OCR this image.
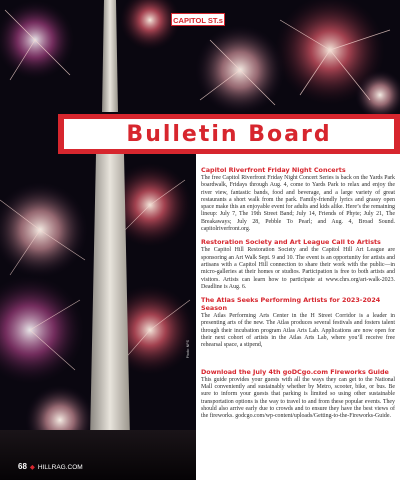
CAPITOL ST.s
Bulletin Board
Capitol Riverfront Friday Night Concerts

The free Capitol Riverfront Friday Night Concert Series is back on the Yards Park boardwalk, Fridays through Aug. 4, come to Yards Park to relax and enjoy the river view, fantastic bands, food and beverage, and a large variety of great restaurants a short walk from the park. Family-friendly lyrics and grassy open space make this an enjoyable event for adults and kids alike. Here’s the remaining lineup: July 7, The 19th Street Band; July 14, Friends of Phyte; July 21, The Breakaways; July 28, Pebble To Pearl; and Aug. 4, Broad Sound. capitolriverfront.org.

Restoration Society and Art League Call to Artists

The Capitol Hill Restoration Society and the Capitol Hill Art League are sponsoring an Art Walk Sept. 9 and 10. The event is an opportunity for artists and artisans with a Capitol Hill connection to share their work with the public—in micro-galleries at their homes or studios. Participation is free to both artists and visitors. Artists can learn how to participate at www.chrs.org/art-walk-2023. Deadline is Aug. 6.

The Atlas Seeks Performing Artists for 2023-2024 Season

The Atlas Performing Arts Center in the H Street Corridor is a leader in presenting arts of the new. The Atlas produces several festivals and fosters talent through their incubation program Atlas Arts Lab. Applications are now open for their next cohort of artists in the Atlas Arts Lab, where you’ll receive free rehearsal space, a stipend,

Download the July 4th goDCgo.com Fireworks Guide

This guide provides your guests with all the ways they can get to the National Mall conveniently and sustainably whether by Metro, scooter, bike, or bus. Be sure to inform your guests that parking is limited so using other sustainable transportation options is the way to travel to and from these popular events. They should also arrive early due to crowds and to ensure they have the best views of the fireworks. godcgo.com/wp-content/uploads/Getting-to-the-Fireworks-Guide.

Photo: NPS
68 ◆ HILLRAG.COM
